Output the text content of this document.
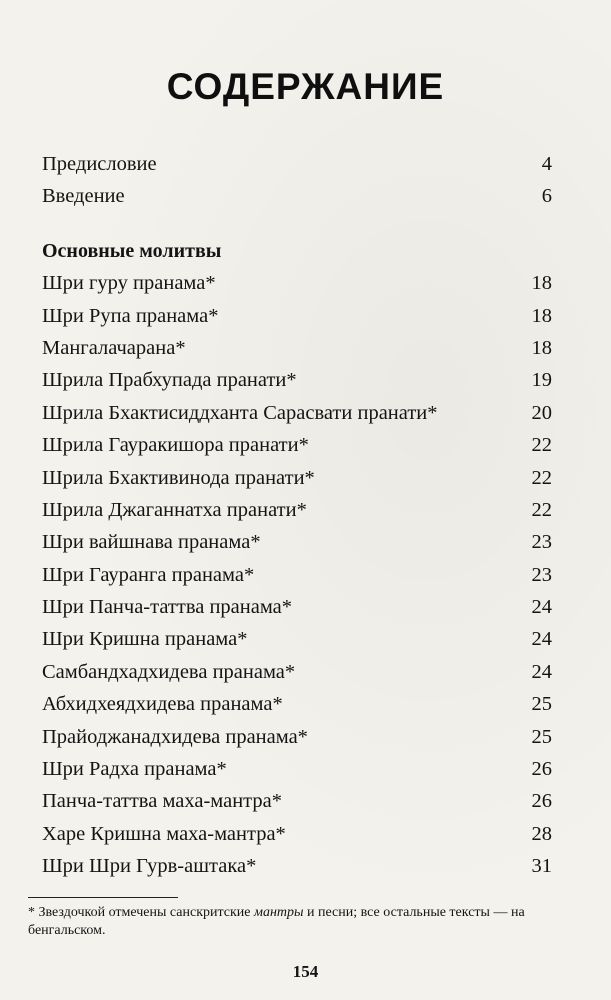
СОДЕРЖАНИЕ
Предисловие	4
Введение	6
Основные молитвы
Шри гуру пранама*	18
Шри Рупа пранама*	18
Мангалачарана*	18
Шрила Прабхупада пранати*	19
Шрила Бхактисиддханта Сарасвати пранати*	20
Шрила Гауракишора пранати*	22
Шрила Бхактивинода пранати*	22
Шрила Джаганнатха пранати*	22
Шри вайшнава пранама*	23
Шри Гауранга пранама*	23
Шри Панча-таттва пранама*	24
Шри Кришна пранама*	24
Самбандхадхидева пранама*	24
Абхидхеядхидева пранама*	25
Прайоджанадхидева пранама*	25
Шри Радха пранама*	26
Панча-таттва маха-мантра*	26
Харе Кришна маха-мантра*	28
Шри Шри Гурв-аштака*	31
* Звездочкой отмечены санскритские мантры и песни; все остальные тексты — на бенгальском.
154
